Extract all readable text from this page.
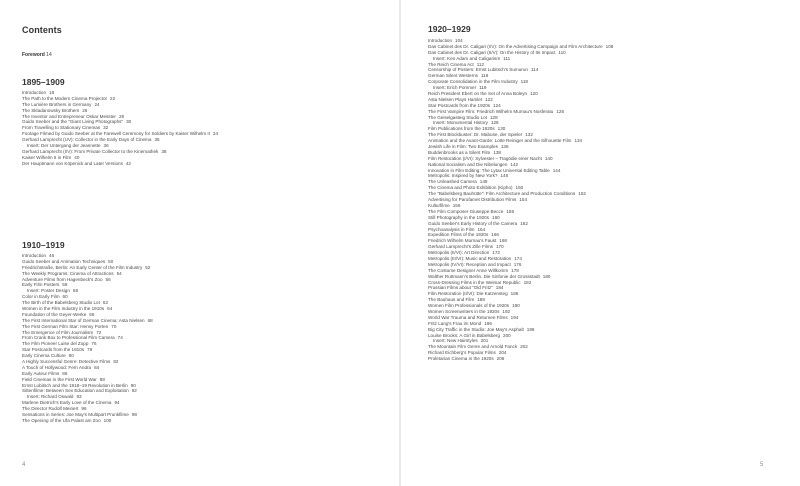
Contents
Foreword 14
1895–1909
Introduction 18
The Path to the Modern Cinema Projector 22
The Lumière Brothers in Germany 24
The Skladanowsky Brothers 26
The Inventor and Entrepreneur Oskar Messter 28
Guido Seeber and the "Giant Living Photographs" 30
From Travelling to Stationary Cinemas 32
Footage Filmed by Guido Seeber at the Farewell Ceremony for Soldiers by Kaiser Wilhelm II 34
Gerhard Lamprecht (UV): Collector in the Early Days of Cinema 35
Insert: Der Untergang der Jeannette 36
Gerhard Lamprecht (I/V): From Private Collector to the Kinemathek 38
Kaiser Wilhelm II in Film 40
Der Hauptmann von Köpenick and Later Versions 42
1910–1919
Introduction 46
Guido Seeber and Animation Techniques 50
Friedrichstraße, Berlin: An Early Center of the Film Industry 52
The Weekly Programs: Cinema of Attractions 54
Adventure Films from Hagenbeck's Zoo 56
Early Film Posters 58
Insert: Poster Design 58
Color in Early Film 60
The Birth of the Babelsberg Studio Lot 62
Women in the Film Industry in the 1910s 64
Foundation of the Geyer-Werke 66
The First International Star of German Cinema: Asta Nielsen 68
The First German Film Star: Henny Porten 70
The Emergence of Film Journalism 72
From Crank Box to Professional Film Camera 74
The Film Pioneer Luise del Zopp 76
Star Postcards from the 1910s 78
Early Cinema Culture 80
A Highly Successful Genre: Detective Films 82
A Touch of Hollywood: Fern Andra 84
Early Auteur Films 86
Field Cinemas in the First World War 88
Ernst Lubitsch and the 1918–19 Revolution in Berlin 90
Sittenfilme: Between Sex Education and Exploitation 92
Insert: Richard Oswald 93
Marlene Dietrich's Early Love of the Cinema 94
The Director Rudolf Meinert 96
Sensations in Series: Joe May's Multipart Prunkfilme 98
The Opening of the Ufa Palast am Zoo 100
4
1920–1929
Introduction 104
Das Cabinet des Dr. Caligari (I/V): On the Advertising Campaign and Film Architecture 108
Das Cabinet des Dr. Caligari (II/V): On the History of Its Impact 110
Insert: Ken Adam and Caligarism 111
The Reich Cinema Act 112
Censorship of Posters: Ernst Lubitsch's Sumurun 114
German Silent Westerns 116
Corporate Consolidation in the Film Industry 118
Insert: Erich Pommer 119
Reich President Ebert on the Set of Anna Boleyn 120
Asta Nielsen Plays Hamlet 122
Star Postcards from the 1920s 124
The First Vampire Film: Friedrich Wilhelm Murnau's Nosferatu 126
The Geiselgasteig Studio Lot 128
Insert: Monumental History 128
Film Publications from the 1920s 130
The First Blockbuster: Dr. Mabuse, der Spieler 132
Animation and the Avant-Garde: Lotte Reiniger and the Silhouette Film 134
Jewish Life in Film: Two Examples 136
Buddenbrooks as a Silent Film 138
Film Restoration (I/VI): Sylvester – Tragödie einer Nacht 140
National Socialism and Die Nibelungen 142
Innovation in Film Editing: The Lytax Universal Editing Table 144
Metropolis: Inspired by New York? 146
The Unleashed Camera 148
The Cinema and Photo Exhibition (Kipho) 150
The "Babelsberg Bauhütte": Film Architecture and Production Conditions 152
Advertising for Parufamet Distribution Films 154
Kulturfilme 156
The Film Composer Giuseppe Becce 158
Still Photography in the 1920s 160
Guido Seeber's Early History of the Camera 162
Psychoanalysis in Film 164
Expedition Films of the 1920s 166
Friedrich Wilhelm Murnau's Faust 168
Gerhard Lamprecht's Zille Films 170
Metropolis (II/VI): Art Direction 172
Metropolis (III/VI): Music and Restoration 174
Metropolis (IV/VI): Reception and Impact 176
The Costume Designer Anne Willkomm 178
Walther Ruttmann's Berlin. Die Sinfonie der Grossstadt 180
Cross-Dressing Films in the Weimar Republic 182
Prussian Films about "Old Fritz" 184
Film Restoration (II/VI): Die Katzensteg 186
The Bauhaus and Film 188
Women Film Professionals of the 1920s 190
Women Screenwriters in the 1920s 192
World War Trauma and Returnee Films 194
Fritz Lang's Frau im Mond 196
Big City Traffic in the Studio: Joe May's Asphalt 198
Louise Brooks: A Girl in Babelsberg 200
Insert: New Hairstyles 201
The Mountain Film Genre and Arnold Fanck 202
Richard Eichberg's Popular Films 204
Proletarian Cinema in the 1920s 206
5
